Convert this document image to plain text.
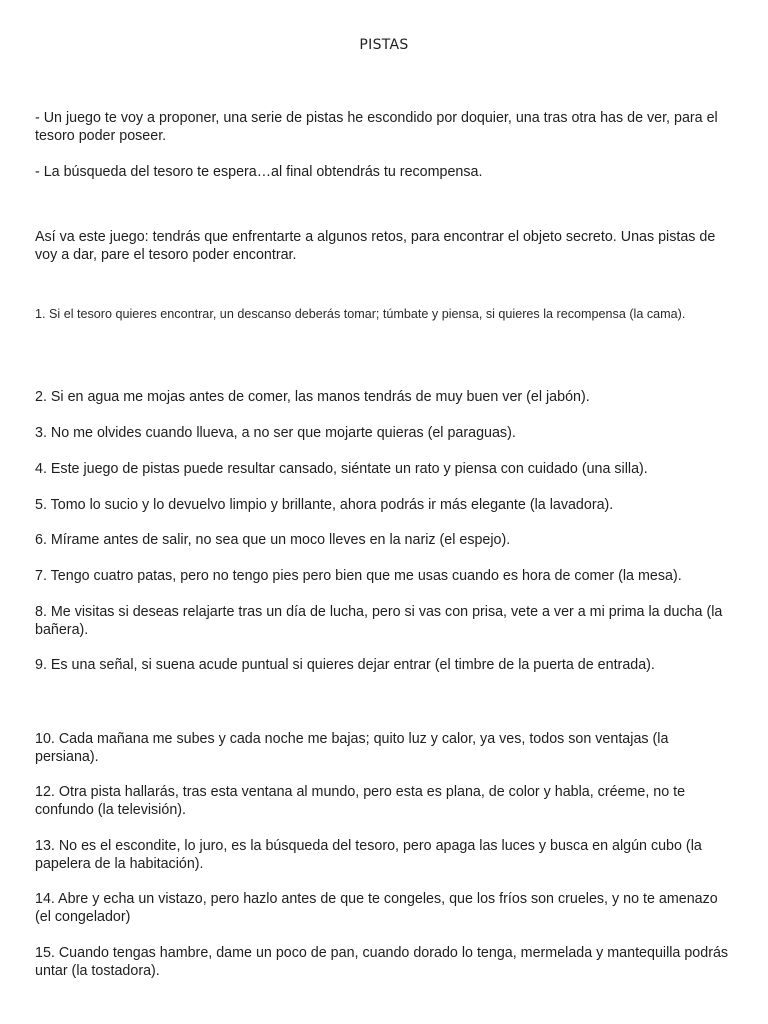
PISTAS

- Un juego te voy a proponer, una serie de pistas he escondido por doquier, una tras otra has de ver, para el tesoro poder poseer.

- La búsqueda del tesoro te espera…al final obtendrás tu recompensa.

Así va este juego: tendrás que enfrentarte a algunos retos, para encontrar el objeto secreto. Unas pistas de voy a dar, pare el tesoro poder encontrar.

1. Si el tesoro quieres encontrar, un descanso deberás tomar; túmbate y piensa, si quieres la recompensa (la cama).

2. Si en agua me mojas antes de comer, las manos tendrás de muy buen ver (el jabón).

3. No me olvides cuando llueva, a no ser que mojarte quieras (el paraguas).

4. Este juego de pistas puede resultar cansado, siéntate un rato y piensa con cuidado (una silla).

5. Tomo lo sucio y lo devuelvo limpio y brillante, ahora podrás ir más elegante (la lavadora).

6. Mírame antes de salir, no sea que un moco lleves en la nariz (el espejo).

7. Tengo cuatro patas, pero no tengo pies pero bien que me usas cuando es hora de comer (la mesa).

8. Me visitas si deseas relajarte tras un día de lucha, pero si vas con prisa, vete a ver a mi prima la ducha (la bañera).

9. Es una señal, si suena acude puntual si quieres dejar entrar (el timbre de la puerta de entrada).

10. Cada mañana me subes y cada noche me bajas; quito luz y calor, ya ves, todos son ventajas (la persiana).

12. Otra pista hallarás, tras esta ventana al mundo, pero esta es plana, de color y habla, créeme, no te confundo (la televisión).

13. No es el escondite, lo juro, es la búsqueda del tesoro, pero apaga las luces y busca en algún cubo (la papelera de la habitación).

14. Abre y echa un vistazo, pero hazlo antes de que te congeles, que los fríos son crueles, y no te amenazo (el congelador)

15. Cuando tengas hambre, dame un poco de pan, cuando dorado lo tenga, mermelada y mantequilla podrás untar (la tostadora).
